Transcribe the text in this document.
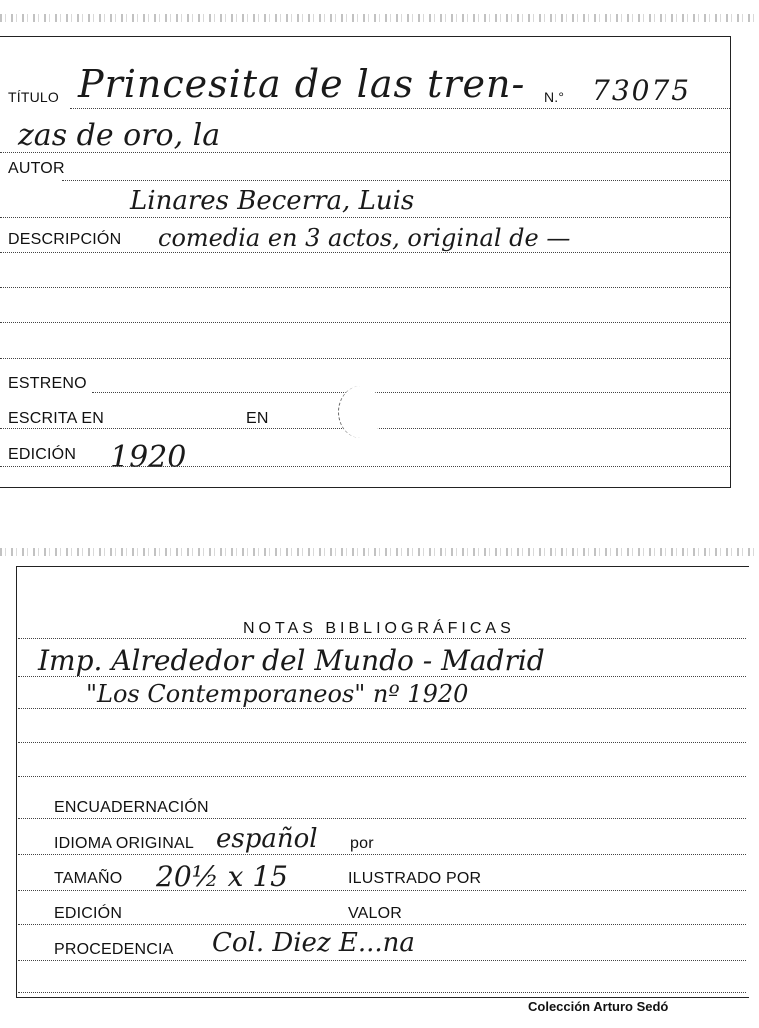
TÍTULO Princesita de las tren- N.° 73075
zas de oro, la
AUTOR
Linares Becerra, Luis
DESCRIPCIÓN comedia en 3 actos, original de —
ESTRENO
ESCRITA EN	EN
EDICIÓN 1920
NOTAS BIBLIOGRÁFICAS
Imp. Alrededor del Mundo - Madrid
"Los Contemporaneos" nº 1920
ENCUADERNACIÓN
IDIOMA ORIGINAL español por
TAMAÑO 20½ x 15	ILUSTRADO POR
EDICIÓN	VALOR
PROCEDENCIA Col. Diez E...na
Colección Arturo Sedó
